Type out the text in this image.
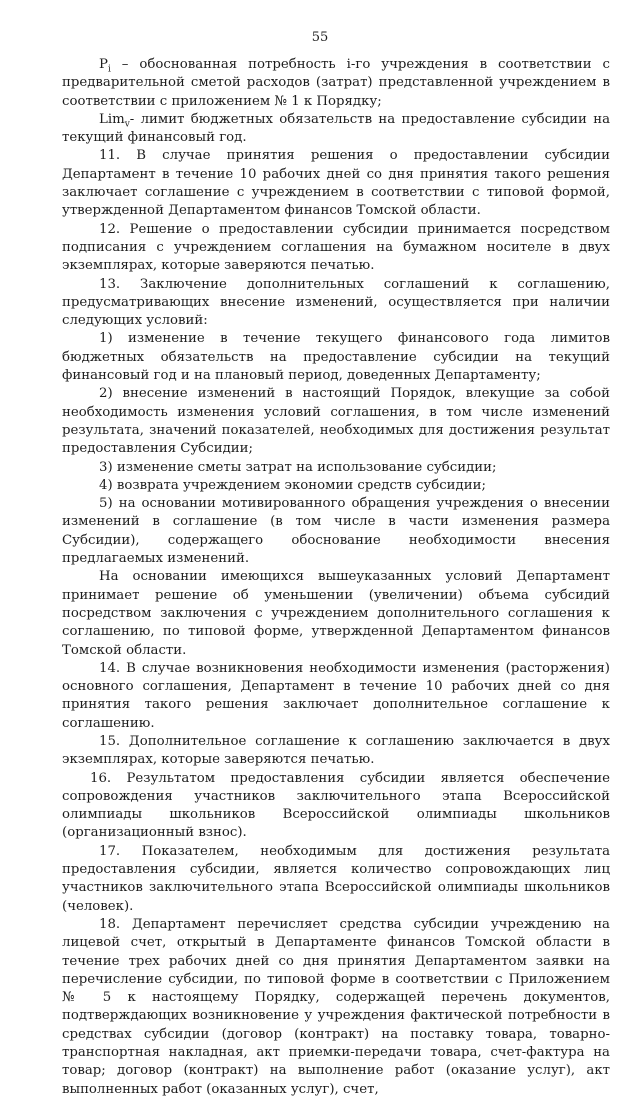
55

$P_i$ – обоснованная потребность i-го учреждения в соответствии с предварительной сметой расходов (затрат) представленной учреждением в соответствии с приложением № 1 к Порядку;

Lim$_v$- лимит бюджетных обязательств на предоставление субсидии на текущий финансовый год.

11. В случае принятия решения о предоставлении субсидии Департамент в течение 10 рабочих дней со дня принятия такого решения заключает соглашение с учреждением в соответствии с типовой формой, утвержденной Департаментом финансов Томской области.

12. Решение о предоставлении субсидии принимается посредством подписания с учреждением соглашения на бумажном носителе в двух экземплярах, которые заверяются печатью.

13. Заключение дополнительных соглашений к соглашению, предусматривающих внесение изменений, осуществляется при наличии следующих условий:

1) изменение в течение текущего финансового года лимитов бюджетных обязательств на предоставление субсидии на текущий финансовый год и на плановый период, доведенных Департаменту;

2) внесение изменений в настоящий Порядок, влекущие за собой необходимость изменения условий соглашения, в том числе изменений результата, значений показателей, необходимых для достижения результат предоставления Субсидии;

3) изменение сметы затрат на использование субсидии;

4) возврата учреждением экономии средств субсидии;

5) на основании мотивированного обращения учреждения о внесении изменений в соглашение (в том числе в части изменения размера Субсидии), содержащего обоснование необходимости внесения предлагаемых изменений.

На основании имеющихся вышеуказанных условий Департамент принимает решение об уменьшении (увеличении) объема субсидий посредством заключения с учреждением дополнительного соглашения к соглашению, по типовой форме, утвержденной Департаментом финансов Томской области.

14. В случае возникновения необходимости изменения (расторжения) основного соглашения, Департамент в течение 10 рабочих дней со дня принятия такого решения заключает дополнительное соглашение к соглашению.

15. Дополнительное соглашение к соглашению заключается в двух экземплярах, которые заверяются печатью.

16. Результатом предоставления субсидии является обеспечение сопровождения участников заключительного этапа Всероссийской олимпиады школьников Всероссийской олимпиады школьников (организационный взнос).

17. Показателем, необходимым для достижения результата предоставления субсидии, является количество сопровождающих лиц участников заключительного этапа Всероссийской олимпиады школьников (человек).

18. Департамент перечисляет средства субсидии учреждению на лицевой счет, открытый в Департаменте финансов Томской области в течение трех рабочих дней со дня принятия Департаментом заявки на перечисление субсидии, по типовой форме в соответствии с Приложением № 5 к настоящему Порядку, содержащей перечень документов, подтверждающих возникновение у учреждения фактической потребности в средствах субсидии (договор (контракт) на поставку товара, товарно-транспортная накладная, акт приемки-передачи товара, счет-фактура на товар; договор (контракт) на выполнение работ (оказание услуг), акт выполненных работ (оказанных услуг), счет,
